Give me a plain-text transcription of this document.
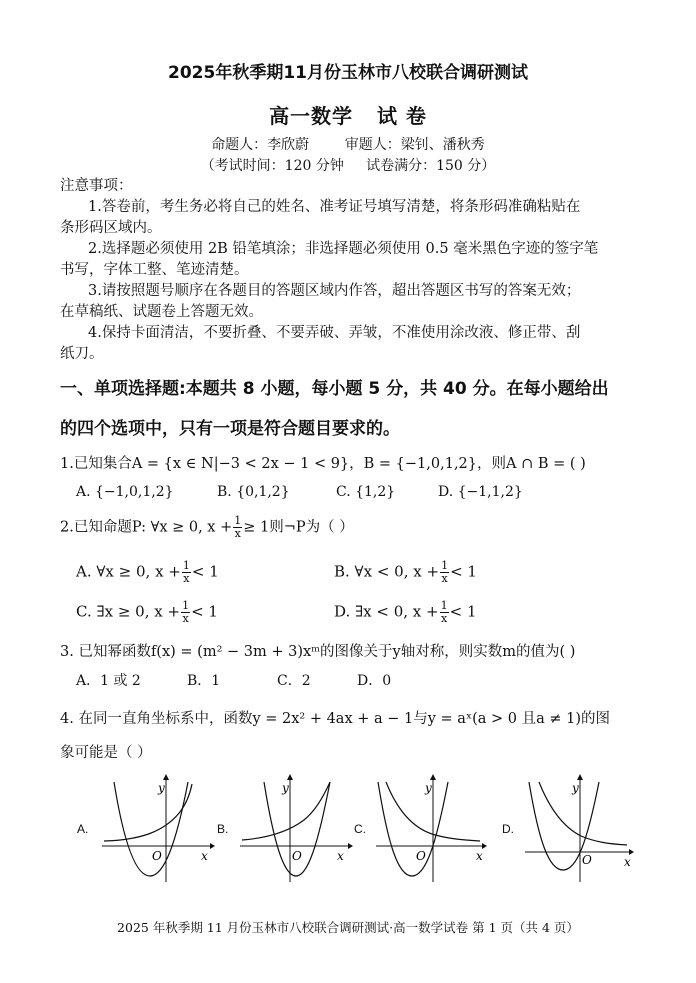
2025年秋季期11月份玉林市八校联合调研测试
高一数学   试 卷
命题人：李欣蔚        审题人：梁钊、潘秋秀
（考试时间：120 分钟     试卷满分：150 分）
注意事项：
1.答卷前，考生务必将自己的姓名、准考证号填写清楚，将条形码准确粘贴在
条形码区域内。
2.选择题必须使用 2B 铅笔填涂；非选择题必须使用 0.5 毫米黑色字迹的签字笔
书写，字体工整、笔迹清楚。
3.请按照题号顺序在各题目的答题区域内作答，超出答题区书写的答案无效；
在草稿纸、试题卷上答题无效。
4.保持卡面清洁，不要折叠、不要弄破、弄皱，不准使用涂改液、修正带、刮
纸刀。
一、单项选择题:本题共 8 小题，每小题 5 分，共 40 分。在每小题给出
的四个选项中，只有一项是符合题目要求的。
1.已知集合A = {x ∈ N|−3 < 2x − 1 < 9}，B = {−1,0,1,2}，则A ∩ B = ( )
A. {−1,0,1,2}	B. {0,1,2}	C. {1,2}	D. {−1,1,2}
2.已知命题P: ∀x ≥ 0, $x + \frac{1}{x} \ge 1$则¬P为（ ）
A. ∀x ≥ 0, $x + \frac{1}{x} < 1$	B. ∀x < 0, $x + \frac{1}{x} < 1$
C. ∃x ≥ 0, $x + \frac{1}{x} < 1$	D. ∃x < 0, $x + \frac{1}{x} < 1$
3. 已知幂函数f(x) = (m² − 3m + 3)xᵐ的图像关于y轴对称，则实数m的值为( )
A．1 或 2	B．1	C．2	D．0
4. 在同一直角坐标系中，函数y = 2x² + 4ax + a − 1与y = aˣ(a > 0 且a ≠ 1)的图
象可能是（ ）
A.	B.	C.	D.
y
x
O
y
x
O
y
x
O
y
x
O
2025 年秋季期 11 月份玉林市八校联合调研测试·高一数学试卷 第 1 页（共 4 页）
